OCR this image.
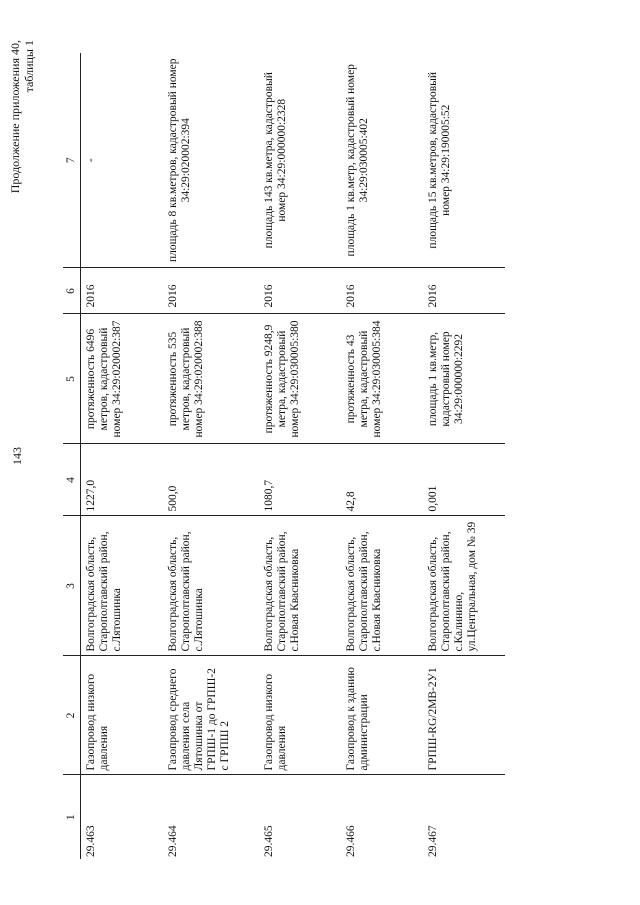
143
Продолжение приложения 40, таблицы 1
1	2	3	4	5	6	7
29.463	Газопровод низкого давления	Волгоградская область, Старополтавский район, с.Лятошинка	1227,0	протяженность 6496 метров, кадастровый номер 34:29:020002:387	2016	-
29.464	Газопровод среднего давления села Лятошинка от ГРПШ-1 до ГРПШ-2 с ГРПШ 2	Волгоградская область, Старополтавский район, с.Лятошинка	500,0	протяженность 535 метров, кадастровый номер 34:29:020002:388	2016	площадь 8 кв.метров, кадастровый номер 34:29:020002:394
29.465	Газопровод низкого давления	Волгоградская область, Старополтавский район, с.Новая Квасниковка	1080,7	протяженность 9248,9 метра, кадастровый номер 34:29:030005:380	2016	площадь 143 кв.метра, кадастровый номер 34:29:000000:2328
29.466	Газопровод к зданию администрации	Волгоградская область, Старополтавский район, с.Новая Квасниковка	42,8	протяженность 43 метра, кадастровый номер 34:29:030005:384	2016	площадь 1 кв.метр, кадастровый номер 34:29:030005:402
29.467	ГРПШ-RG/2МВ-2У1	Волгоградская область, Старополтавский район, с.Калинино, ул.Центральная, дом № 39	0,001	площадь 1 кв.метр, кадастровый номер 34:29:000000:2292	2016	площадь 15 кв.метров, кадастровый номер 34:29:190005:52
